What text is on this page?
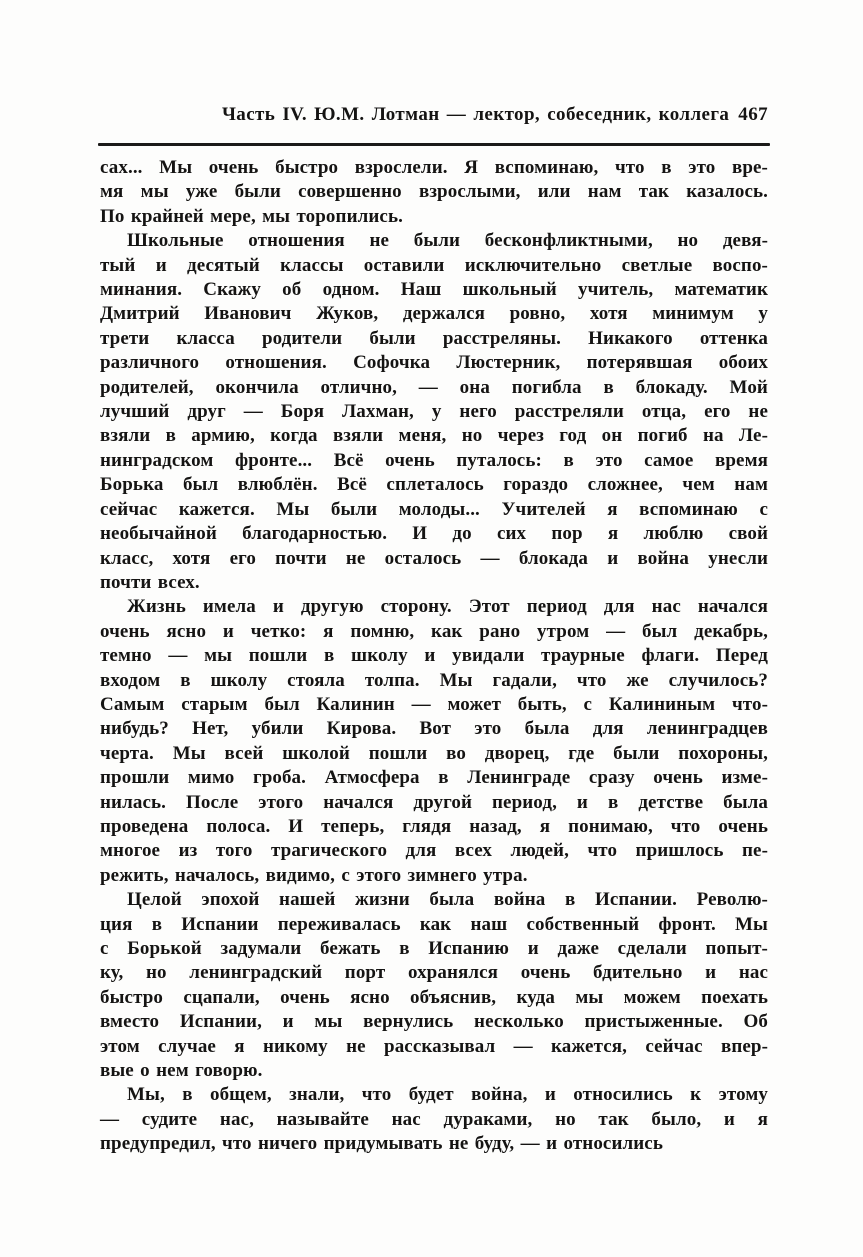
Часть IV. Ю.М. Лотман — лектор, собеседник, коллега 467
сах... Мы очень быстро взрослели. Я вспоминаю, что в это вре-
мя мы уже были совершенно взрослыми, или нам так казалось.
По крайней мере, мы торопились.
Школьные отношения не были бесконфликтными, но девя-
тый и десятый классы оставили исключительно светлые воспо-
минания. Скажу об одном. Наш школьный учитель, математик
Дмитрий Иванович Жуков, держался ровно, хотя минимум у
трети класса родители были расстреляны. Никакого оттенка
различного отношения. Софочка Люстерник, потерявшая обоих
родителей, окончила отлично, — она погибла в блокаду. Мой
лучший друг — Боря Лахман, у него расстреляли отца, его не
взяли в армию, когда взяли меня, но через год он погиб на Ле-
нинградском фронте... Всё очень путалось: в это самое время
Борька был влюблён. Всё сплеталось гораздо сложнее, чем нам
сейчас кажется. Мы были молоды... Учителей я вспоминаю с
необычайной благодарностью. И до сих пор я люблю свой
класс, хотя его почти не осталось — блокада и война унесли
почти всех.
Жизнь имела и другую сторону. Этот период для нас начался
очень ясно и четко: я помню, как рано утром — был декабрь,
темно — мы пошли в школу и увидали траурные флаги. Перед
входом в школу стояла толпа. Мы гадали, что же случилось?
Самым старым был Калинин — может быть, с Калининым что-
нибудь? Нет, убили Кирова. Вот это была для ленинградцев
черта. Мы всей школой пошли во дворец, где были похороны,
прошли мимо гроба. Атмосфера в Ленинграде сразу очень изме-
нилась. После этого начался другой период, и в детстве была
проведена полоса. И теперь, глядя назад, я понимаю, что очень
многое из того трагического для всех людей, что пришлось пе-
режить, началось, видимо, с этого зимнего утра.
Целой эпохой нашей жизни была война в Испании. Револю-
ция в Испании переживалась как наш собственный фронт. Мы
с Борькой задумали бежать в Испанию и даже сделали попыт-
ку, но ленинградский порт охранялся очень бдительно и нас
быстро сцапали, очень ясно объяснив, куда мы можем поехать
вместо Испании, и мы вернулись несколько пристыженные. Об
этом случае я никому не рассказывал — кажется, сейчас впер-
вые о нем говорю.
Мы, в общем, знали, что будет война, и относились к этому
— судите нас, называйте нас дураками, но так было, и я
предупредил, что ничего придумывать не буду, — и относились
